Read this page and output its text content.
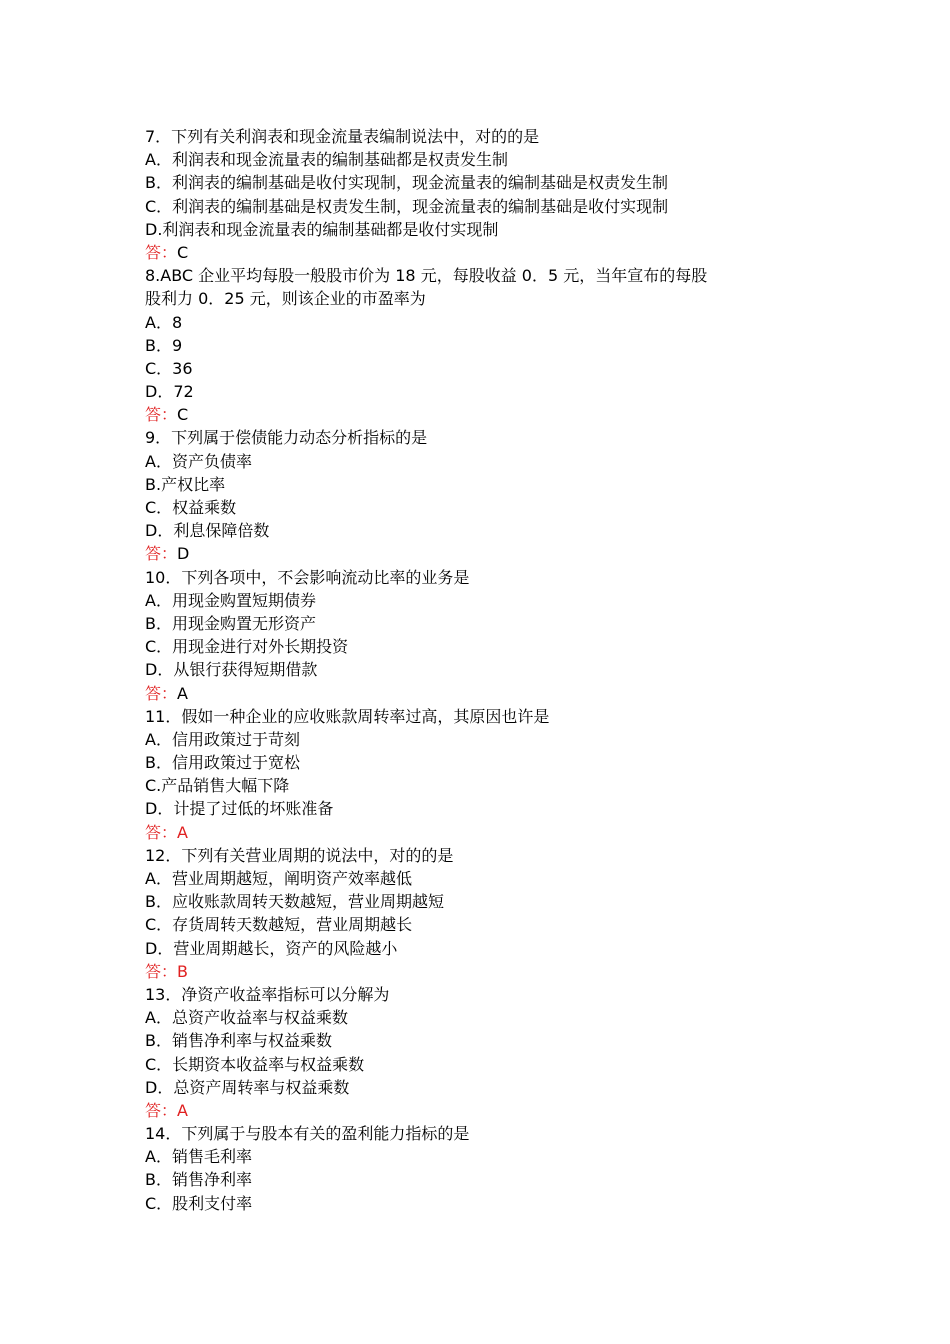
7．下列有关利润表和现金流量表编制说法中，对的的是

A．利润表和现金流量表的编制基础都是权责发生制

B．利润表的编制基础是收付实现制，现金流量表的编制基础是权责发生制

C．利润表的编制基础是权责发生制，现金流量表的编制基础是收付实现制

D.利润表和现金流量表的编制基础都是收付实现制

答：C

8.ABC 企业平均每股一般股市价为 18 元，每股收益 0．5 元，当年宣布的每股

股利力 0．25 元，则该企业的市盈率为

A．8

B．9

C．36

D．72

答：C

9．下列属于偿债能力动态分析指标的是

A．资产负债率

B.产权比率

C．权益乘数

D．利息保障倍数

答：D

10．下列各项中，不会影响流动比率的业务是

A．用现金购置短期债券

B．用现金购置无形资产

C．用现金进行对外长期投资

D．从银行获得短期借款

答：A

11．假如一种企业的应收账款周转率过高，其原因也许是

A．信用政策过于苛刻

B．信用政策过于宽松

C.产品销售大幅下降

D．计提了过低的坏账准备

答：A

12．下列有关营业周期的说法中，对的的是

A．营业周期越短，阐明资产效率越低

B．应收账款周转天数越短，营业周期越短

C．存货周转天数越短，营业周期越长

D．营业周期越长，资产的风险越小

答：B

13．净资产收益率指标可以分解为

A．总资产收益率与权益乘数

B．销售净利率与权益乘数

C．长期资本收益率与权益乘数

D．总资产周转率与权益乘数

答：A

14．下列属于与股本有关的盈利能力指标的是

A．销售毛利率

B．销售净利率

C．股利支付率
